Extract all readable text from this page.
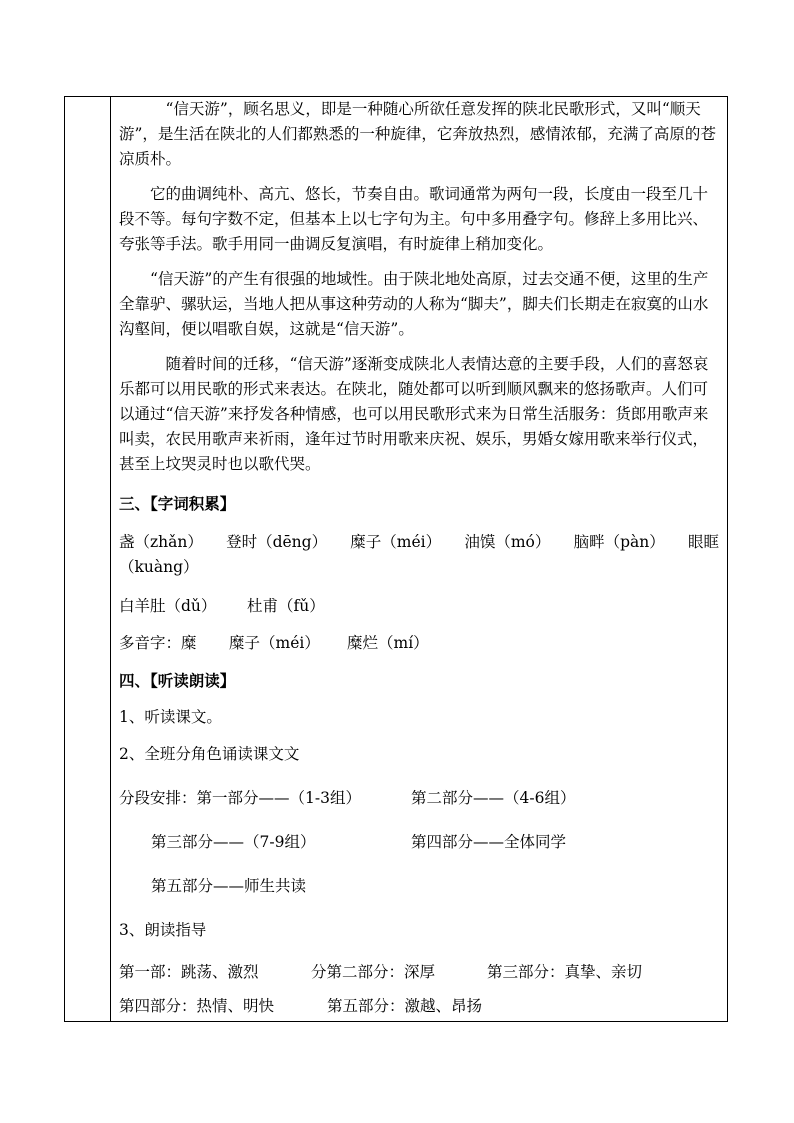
“信天游”，顾名思义，即是一种随心所欲任意发挥的陕北民歌形式，又叫“顺天游”，是生活在陕北的人们都熟悉的一种旋律，它奔放热烈，感情浓郁，充满了高原的苍凉质朴。

它的曲调纯朴、高亢、悠长，节奏自由。歌词通常为两句一段，长度由一段至几十段不等。每句字数不定，但基本上以七字句为主。句中多用叠字句。修辞上多用比兴、夸张等手法。歌手用同一曲调反复演唱，有时旋律上稍加变化。

“信天游”的产生有很强的地域性。由于陕北地处高原，过去交通不便，这里的生产全靠驴、骡驮运，当地人把从事这种劳动的人称为“脚夫”，脚夫们长期走在寂寞的山水沟壑间，便以唱歌自娱，这就是“信天游”。

随着时间的迁移，“信天游”逐渐变成陕北人表情达意的主要手段，人们的喜怒哀乐都可以用民歌的形式来表达。在陕北，随处都可以听到顺风飘来的悠扬歌声。人们可以通过“信天游”来抒发各种情感，也可以用民歌形式来为日常生活服务：货郎用歌声来叫卖，农民用歌声来祈雨，逢年过节时用歌来庆祝、娱乐，男婚女嫁用歌来举行仪式，甚至上坟哭灵时也以歌代哭。

三、【字词积累】

盏（zhǎn） 登时（dēng） 糜子（méi） 油馍（mó） 脑畔（pàn） 眼眶

（kuàng）

白羊肚（dǔ）	杜甫（fǔ）
多音字：糜	糜子（méi）	糜烂（mí）

四、【听读朗读】

1、听读课文。

2、全班分角色诵读课文文

分段安排：第一部分——（1-3组）	第二部分——（4-6组）
第三部分——（7-9组）	第四部分——全体同学
第五部分——师生共读

3、朗读指导

第一部：跳荡、激烈	分第二部分：深厚	第三部分：真挚、亲切
第四部分：热情、明快	第五部分：激越、昂扬
